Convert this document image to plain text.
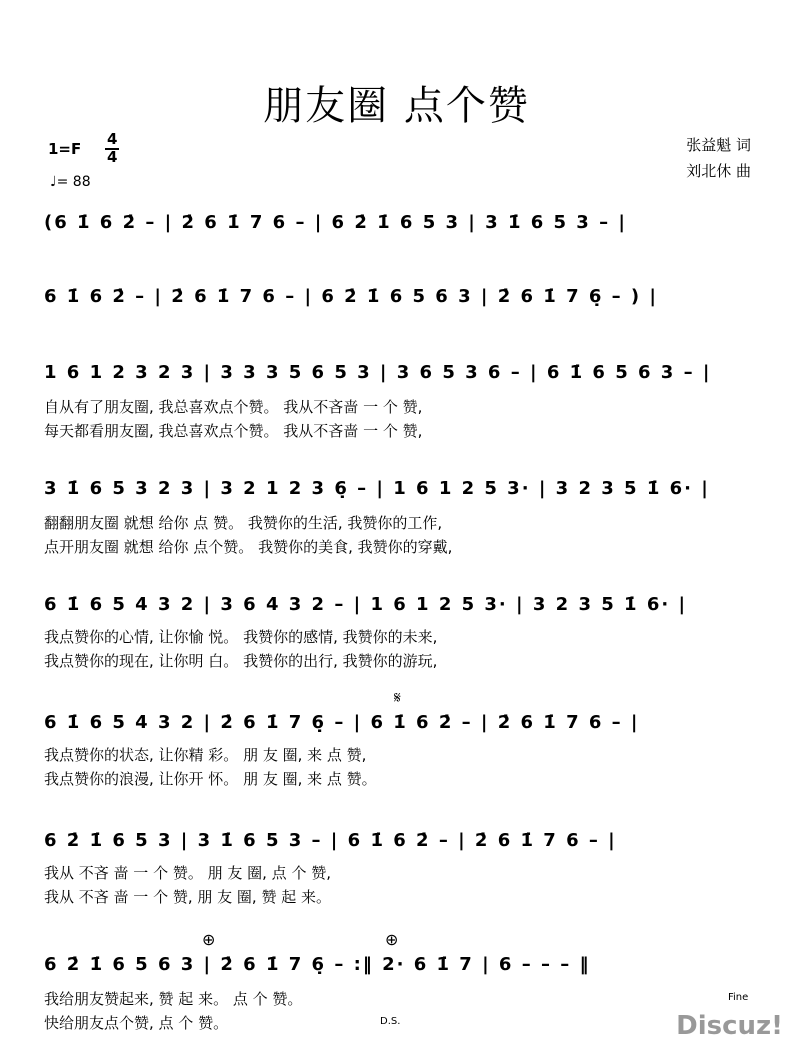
朋友圈 点个赞
1=F
4
4
♩= 88
张益魁 词
刘北休 曲
(6 1̇ 6 2̇ – | 2̇ 6 1̇ 7 6 – | 6 2̇ 1̇ 6 5 3 | 3 1̇ 6 5 3 – |
6 1̇ 6 2̇ – | 2̇ 6 1̇ 7 6 – | 6 2̇ 1̇ 6 5 6 3 | 2̇ 6 1̇ 7 6̣ – ) |
1 6 1 2 3 2 3 | 3 3 3 5 6 5 3 | 3 6 5 3 6 – | 6 1̇ 6 5 6 3 – |
自从有了朋友圈, 我总喜欢点个赞。 我从不吝啬 一 个 赞,
每天都看朋友圈, 我总喜欢点个赞。 我从不吝啬 一 个 赞,
3 1̇ 6 5 3 2 3 | 3 2 1 2 3 6̣ – | 1 6 1 2 5 3· | 3 2 3 5 1̇ 6· |
翻翻朋友圈 就想 给你 点 赞。 我赞你的生活, 我赞你的工作,
点开朋友圈 就想 给你 点个赞。 我赞你的美食, 我赞你的穿戴,
6 1̇ 6 5 4 3 2 | 3 6 4 3 2 – | 1 6 1 2 5 3· | 3 2 3 5 1̇ 6· |
我点赞你的心情, 让你愉 悦。 我赞你的感情, 我赞你的未来,
我点赞你的现在, 让你明 白。 我赞你的出行, 我赞你的游玩,
𝄋
6 1̇ 6 5 4 3 2 | 2̇ 6 1̇ 7 6̣ – | 6 1̇ 6 2̇ – | 2̇ 6 1̇ 7 6 – |
我点赞你的状态, 让你精 彩。 朋 友 圈, 来 点 赞,
我点赞你的浪漫, 让你开 怀。 朋 友 圈, 来 点 赞。
6 2̇ 1̇ 6 5 3 | 3 1̇ 6 5 3 – | 6 1̇ 6 2̇ – | 2̇ 6 1̇ 7 6 – |
我从 不吝 啬 一 个 赞。 朋 友 圈, 点 个 赞,
我从 不吝 啬 一 个 赞, 朋 友 圈, 赞 起 来。
⊕	⊕
6 2̇ 1̇ 6 5 6 3 | 2̇ 6 1̇ 7 6̣ – :‖ 2· 6 1̇ 7 | 6 – – – ‖
我给朋友赞起来, 赞 起 来。 点 个 赞。
快给朋友点个赞, 点 个 赞。	D.S.
Fine
Discuz!
